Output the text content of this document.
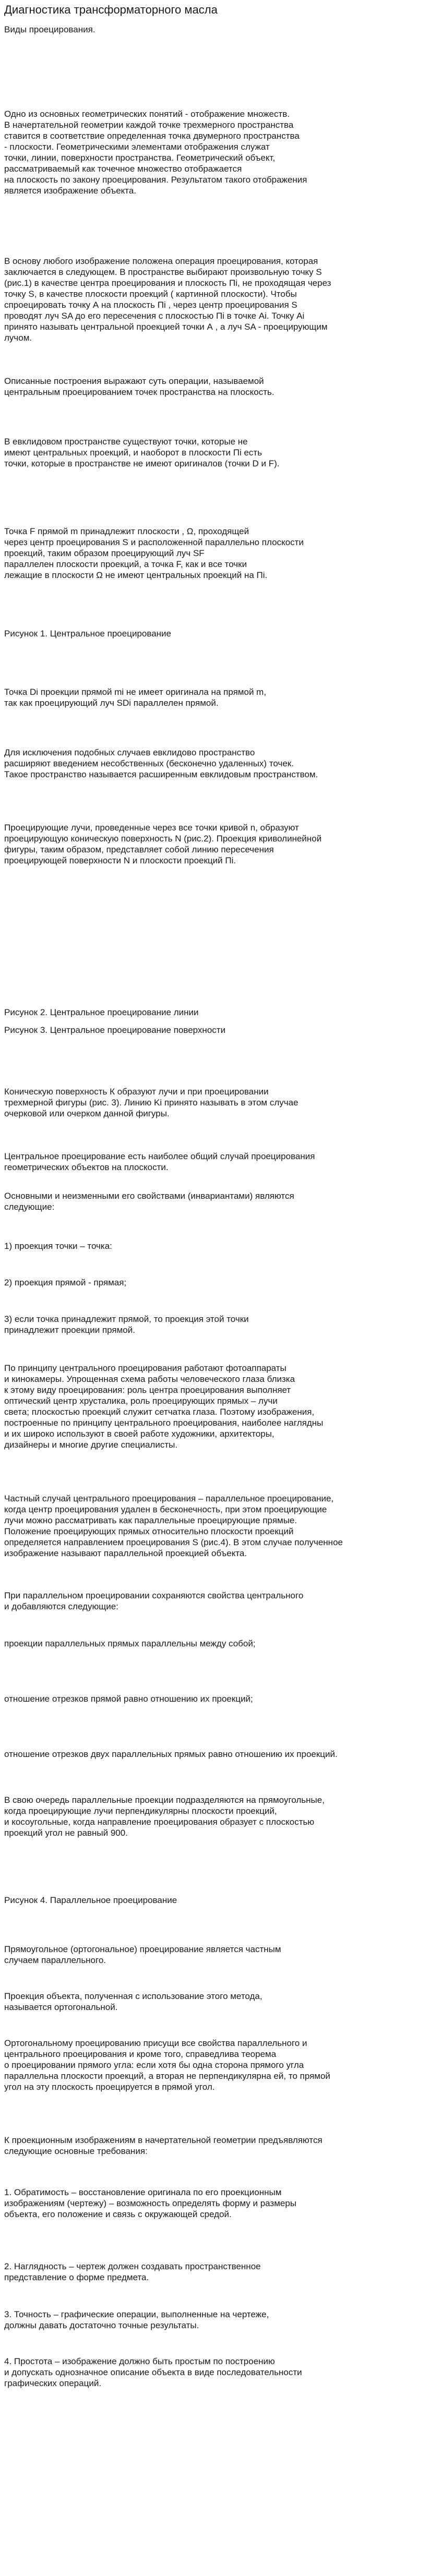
Диагностика трансформаторного масла

Виды проецирования.

Одно из основных геометрических понятий - отображение множеств.
В начертательной геометрии каждой точке трехмерного пространства
ставится в соответствие определенная точка двумерного пространства
- плоскости. Геометрическими элементами отображения служат
точки, линии, поверхности пространства. Геометрический объект,
рассматриваемый как точечное множество отображается
на плоскость по закону проецирования. Результатом такого отображения
является изображение объекта.

В основу любого изображение положена операция проецирования, которая
заключается в следующем. В пространстве выбирают произвольную точку S
(рис.1) в качестве центра проецирования и плоскость Пi, не проходящая через
точку S, в качестве плоскости проекций ( картинной плоскости). Чтобы
спроецировать точку А на плоскость Пi , через центр проецирования S
проводят луч SA до его пересечения с плоскостью Пi в точке Ai. Точку Ai
принято называть центральной проекцией точки А , а луч SA - проецирующим
лучом.

Описанные построения выражают суть операции, называемой
центральным проецированием точек пространства на плоскость.

В евклидовом пространстве существуют точки, которые не
имеют центральных проекций, и наоборот в плоскости Пi есть
точки, которые в пространстве не имеют оригиналов (точки D и F).

Точка F прямой m принадлежит плоскости , Ω, проходящей
через центр проецирования S и расположенной параллельно плоскости
проекций, таким образом проецирующий луч SF
параллелен плоскости проекций, а точка F, как и все точки
лежащие в плоскости Ω не имеют центральных проекций на Пi.

Рисунок 1. Центральное проецирование

Точка Di проекции прямой mi не имеет оригинала на прямой m,
так как проецирующий луч SDi параллелен прямой.

Для исключения подобных случаев евклидово пространство
расширяют введением несобственных (бесконечно удаленных) точек.
Такое пространство называется расширенным евклидовым пространством.

Проецирующие лучи, проведенные через все точки кривой n, образуют
проецирующую коническую поверхность N (рис.2). Проекция криволинейной
фигуры, таким образом, представляет собой линию пересечения
проецирующей поверхности N и плоскости проекций Пi.

Рисунок 2. Центральное проецирование линии

Рисунок 3. Центральное проецирование поверхности

Коническую поверхность К образуют лучи и при проецировании
трехмерной фигуры (рис. 3). Линию Ki принято называть в этом случае
очерковой или очерком данной фигуры.

Центральное проецирование есть наиболее общий случай проецирования
геометрических объектов на плоскости.

Основными и неизменными его свойствами (инвариантами) являются
следующие:

1) проекция точки – точка:

2) проекция прямой - прямая;

3) если точка принадлежит прямой, то проекция этой точки
принадлежит проекции прямой.

По принципу центрального проецирования работают фотоаппараты
и кинокамеры. Упрощенная схема работы человеческого глаза близка
к этому виду проецирования: роль центра проецирования выполняет
оптический центр хрусталика, роль проецирующих прямых – лучи
света; плоскостью проекций служит сетчатка глаза. Поэтому изображения,
построенные по принципу центрального проецирования, наиболее наглядны
и их широко используют в своей работе художники, архитекторы,
дизайнеры и многие другие специалисты.

Частный случай центрального проецирования – параллельное проецирование,
когда центр проецирования удален в бесконечность, при этом проецирующие
лучи можно рассматривать как параллельные проецирующие прямые.
Положение проецирующих прямых относительно плоскости проекций
определяется направлением проецирования S (рис.4). В этом случае полученное
изображение называют параллельной проекцией объекта.

При параллельном проецировании сохраняются свойства центрального
и добавляются следующие:

проекции параллельных прямых параллельны между собой;

отношение отрезков прямой равно отношению их проекций;

отношение отрезков двух параллельных прямых равно отношению их проекций.

В свою очередь параллельные проекции подразделяются на прямоугольные,
когда проецирующие лучи перпендикулярны плоскости проекций,
и косоугольные, когда направление проецирования образует с плоскостью
проекций угол не равный 900.

Рисунок 4. Параллельное проецирование

Прямоугольное (ортогональное) проецирование является частным
случаем параллельного.

Проекция объекта, полученная с использование этого метода,
называется ортогональной.

Ортогональному проецированию присущи все свойства параллельного и
центрального проецирования и кроме того, справедлива теорема
о проецировании прямого угла: если хотя бы одна сторона прямого угла
параллельна плоскости проекций, а вторая не перпендикулярна ей, то прямой
угол на эту плоскость проецируется в прямой угол.

К проекционным изображениям в начертательной геометрии предъявляются
следующие основные требования:

1. Обратимость – восстановление оригинала по его проекционным
изображениям (чертежу) – возможность определять форму и размеры
объекта, его положение и связь с окружающей средой.

2. Наглядность – чертеж должен создавать пространственное
представление о форме предмета.

3. Точность – графические операции, выполненные на чертеже,
должны давать достаточно точные результаты.

4. Простота – изображение должно быть простым по построению
и допускать однозначное описание объекта в виде последовательности
графических операций.
